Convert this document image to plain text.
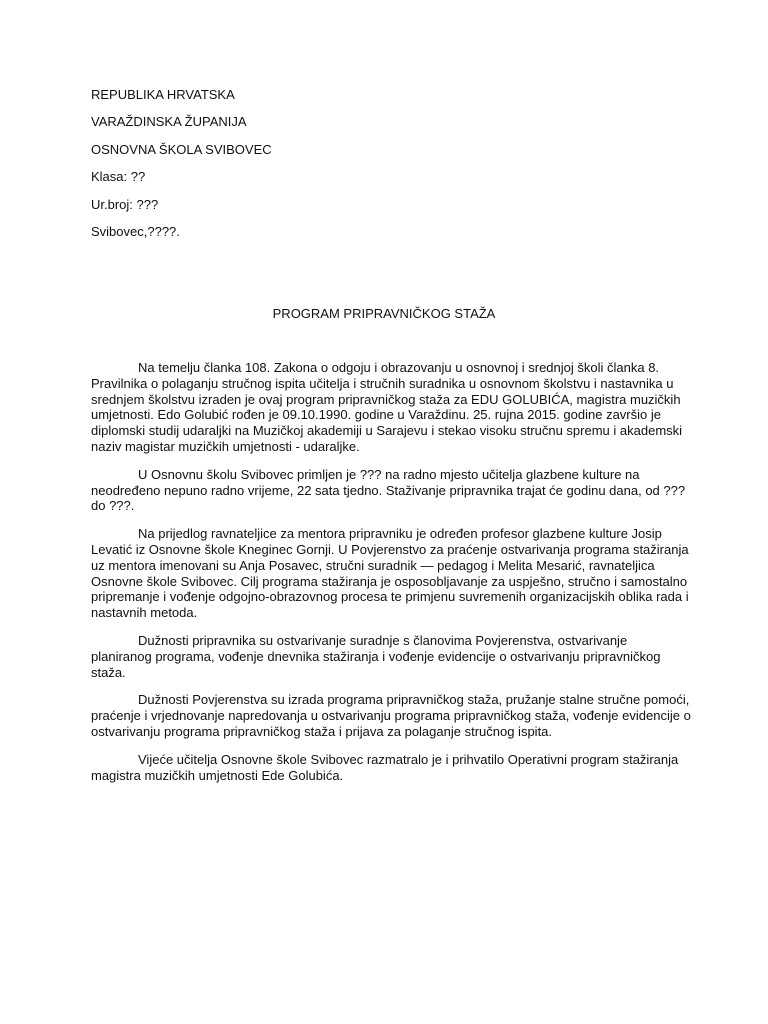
REPUBLIKA HRVATSKA
VARAŽDINSKA ŽUPANIJA
OSNOVNA ŠKOLA SVIBOVEC
Klasa: ??
Ur.broj: ???
Svibovec,????.
PROGRAM PRIPRAVNIČKOG STAŽA

Na temelju članka 108. Zakona o odgoju i obrazovanju u osnovnoj i srednjoj školi članka 8. Pravilnika o polaganju stručnog ispita učitelja i stručnih suradnika u osnovnom školstvu i nastavnika u srednjem školstvu izraden je ovaj program pripravničkog staža za EDU GOLUBIĆA, magistra muzičkih umjetnosti. Edo Golubić rođen je 09.10.1990. godine u Varaždinu. 25. rujna 2015. godine završio je diplomski studij udaraljki na Muzičkoj akademiji u Sarajevu i stekao visoku stručnu spremu i akademski naziv magistar muzičkih umjetnosti - udaraljke.

U Osnovnu školu Svibovec primljen je ??? na radno mjesto učitelja glazbene kulture na neodređeno nepuno radno vrijeme, 22 sata tjedno. Staživanje pripravnika trajat će godinu dana, od ??? do ???.

Na prijedlog ravnateljice za mentora pripravniku je određen profesor glazbene kulture Josip Levatić iz Osnovne škole Kneginec Gornji. U Povjerenstvo za praćenje ostvarivanja programa stažiranja uz mentora imenovani su Anja Posavec, stručni suradnik — pedagog i Melita Mesarić, ravnateljica Osnovne škole Svibovec. Cilj programa stažiranja je osposobljavanje za uspješno, stručno i samostalno pripremanje i vođenje odgojno-obrazovnog procesa te primjenu suvremenih organizacijskih oblika rada i nastavnih metoda.

Dužnosti pripravnika su ostvarivanje suradnje s članovima Povjerenstva, ostvarivanje planiranog programa, vođenje dnevnika stažiranja i vođenje evidencije o ostvarivanju pripravničkog staža.

Dužnosti Povjerenstva su izrada programa pripravničkog staža, pružanje stalne stručne pomoći, praćenje i vrjednovanje napredovanja u ostvarivanju programa pripravničkog staža, vođenje evidencije o ostvarivanju programa pripravničkog staža i prijava za polaganje stručnog ispita.

Vijeće učitelja Osnovne škole Svibovec razmatralo je i prihvatilo Operativni program stažiranja magistra muzičkih umjetnosti Ede Golubića.
